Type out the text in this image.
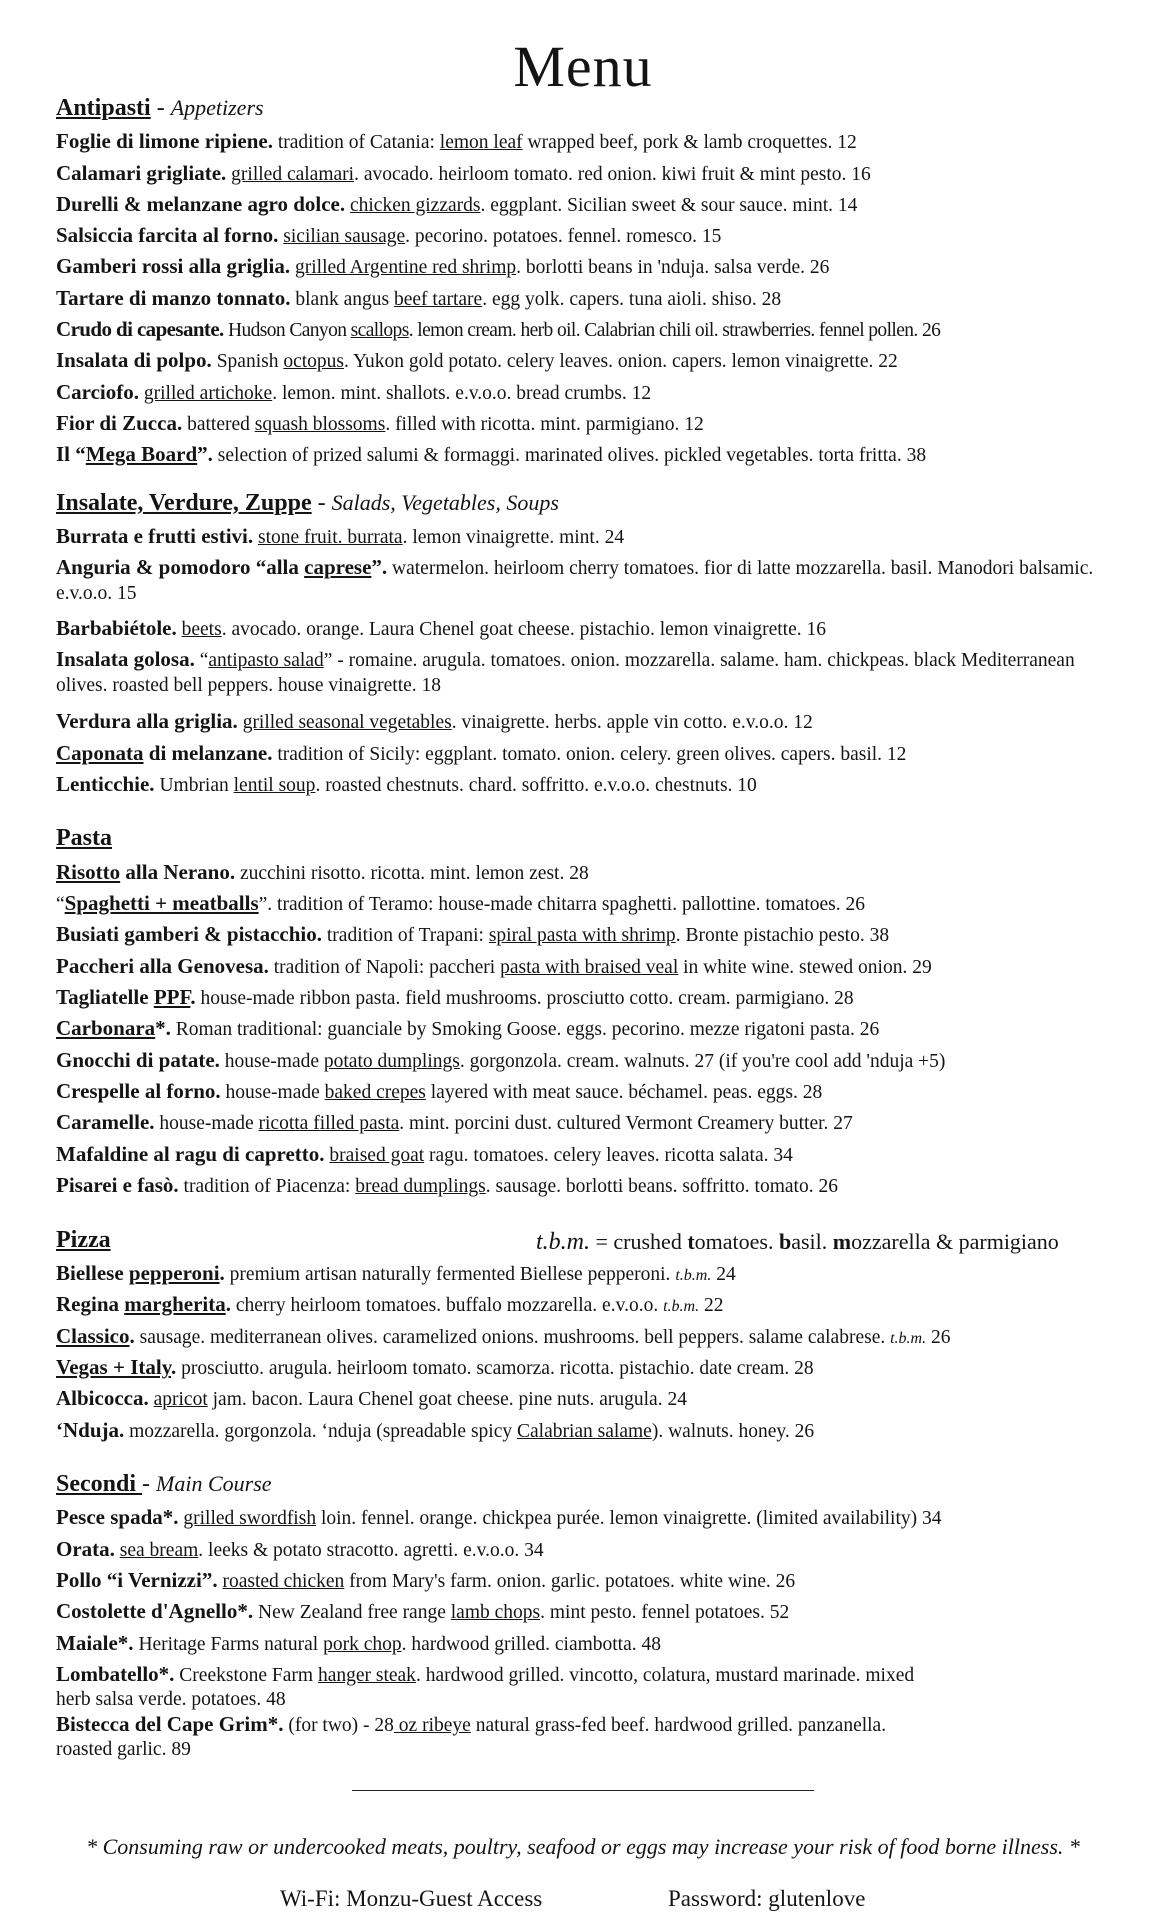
Menu
Antipasti - Appetizers
Foglie di limone ripiene. tradition of Catania: lemon leaf wrapped beef, pork & lamb croquettes. 12
Calamari grigliate. grilled calamari. avocado. heirloom tomato. red onion. kiwi fruit & mint pesto. 16
Durelli & melanzane agro dolce. chicken gizzards. eggplant. Sicilian sweet & sour sauce. mint. 14
Salsiccia farcita al forno. sicilian sausage. pecorino. potatoes. fennel. romesco. 15
Gamberi rossi alla griglia. grilled Argentine red shrimp. borlotti beans in 'nduja. salsa verde. 26
Tartare di manzo tonnato. blank angus beef tartare. egg yolk. capers. tuna aioli. shiso. 28
Crudo di capesante. Hudson Canyon scallops. lemon cream. herb oil. Calabrian chili oil. strawberries. fennel pollen. 26
Insalata di polpo. Spanish octopus. Yukon gold potato. celery leaves. onion. capers. lemon vinaigrette. 22
Carciofo. grilled artichoke. lemon. mint. shallots. e.v.o.o. bread crumbs. 12
Fior di Zucca. battered squash blossoms. filled with ricotta. mint. parmigiano. 12
Il “Mega Board”. selection of prized salumi & formaggi. marinated olives. pickled vegetables. torta fritta. 38
Insalate, Verdure, Zuppe - Salads, Vegetables, Soups
Burrata e frutti estivi. stone fruit. burrata. lemon vinaigrette. mint. 24
Anguria & pomodoro “alla caprese”. watermelon. heirloom cherry tomatoes. fior di latte mozzarella. basil. Manodori balsamic. e.v.o.o. 15
Barbabiétole. beets. avocado. orange. Laura Chenel goat cheese. pistachio. lemon vinaigrette. 16
Insalata golosa. “antipasto salad” - romaine. arugula. tomatoes. onion. mozzarella. salame. ham. chickpeas. black Mediterranean olives. roasted bell peppers. house vinaigrette. 18
Verdura alla griglia. grilled seasonal vegetables. vinaigrette. herbs. apple vin cotto. e.v.o.o. 12
Caponata di melanzane. tradition of Sicily: eggplant. tomato. onion. celery. green olives. capers. basil. 12
Lenticchie. Umbrian lentil soup. roasted chestnuts. chard. soffritto. e.v.o.o. chestnuts. 10
Pasta
Risotto alla Nerano. zucchini risotto. ricotta. mint. lemon zest. 28
“Spaghetti + meatballs”. tradition of Teramo: house-made chitarra spaghetti. pallottine. tomatoes. 26
Busiati gamberi & pistacchio. tradition of Trapani: spiral pasta with shrimp. Bronte pistachio pesto. 38
Paccheri alla Genovesa. tradition of Napoli: paccheri pasta with braised veal in white wine. stewed onion. 29
Tagliatelle PPF. house-made ribbon pasta. field mushrooms. prosciutto cotto. cream. parmigiano. 28
Carbonara*. Roman traditional: guanciale by Smoking Goose. eggs. pecorino. mezze rigatoni pasta. 26
Gnocchi di patate. house-made potato dumplings. gorgonzola. cream. walnuts. 27 (if you're cool add 'nduja +5)
Crespelle al forno. house-made baked crepes layered with meat sauce. béchamel. peas. eggs. 28
Caramelle. house-made ricotta filled pasta. mint. porcini dust. cultured Vermont Creamery butter. 27
Mafaldine al ragu di capretto. braised goat ragu. tomatoes. celery leaves. ricotta salata. 34
Pisarei e fasò. tradition of Piacenza: bread dumplings. sausage. borlotti beans. soffritto. tomato. 26
Pizza	t.b.m. = crushed tomatoes. basil. mozzarella & parmigiano
Biellese pepperoni. premium artisan naturally fermented Biellese pepperoni. t.b.m. 24
Regina margherita. cherry heirloom tomatoes. buffalo mozzarella. e.v.o.o. t.b.m. 22
Classico. sausage. mediterranean olives. caramelized onions. mushrooms. bell peppers. salame calabrese. t.b.m. 26
Vegas + Italy. prosciutto. arugula. heirloom tomato. scamorza. ricotta. pistachio. date cream. 28
Albicocca. apricot jam. bacon. Laura Chenel goat cheese. pine nuts. arugula. 24
‘Nduja. mozzarella. gorgonzola. ‘nduja (spreadable spicy Calabrian salame). walnuts. honey. 26
Secondi - Main Course
Pesce spada*. grilled swordfish loin. fennel. orange. chickpea purée. lemon vinaigrette. (limited availability) 34
Orata. sea bream. leeks & potato stracotto. agretti. e.v.o.o. 34
Pollo “i Vernizzi”. roasted chicken from Mary's farm. onion. garlic. potatoes. white wine. 26
Costolette d'Agnello*. New Zealand free range lamb chops. mint pesto. fennel potatoes. 52
Maiale*. Heritage Farms natural pork chop. hardwood grilled. ciambotta. 48
Lombatello*. Creekstone Farm hanger steak. hardwood grilled. vincotto, colatura, mustard marinade. mixed
herb salsa verde. potatoes. 48
Bistecca del Cape Grim*. (for two) - 28 oz ribeye natural grass-fed beef. hardwood grilled. panzanella.
roasted garlic. 89
* Consuming raw or undercooked meats, poultry, seafood or eggs may increase your risk of food borne illness. *
Wi-Fi: Monzu-Guest Access	Password: glutenlove
